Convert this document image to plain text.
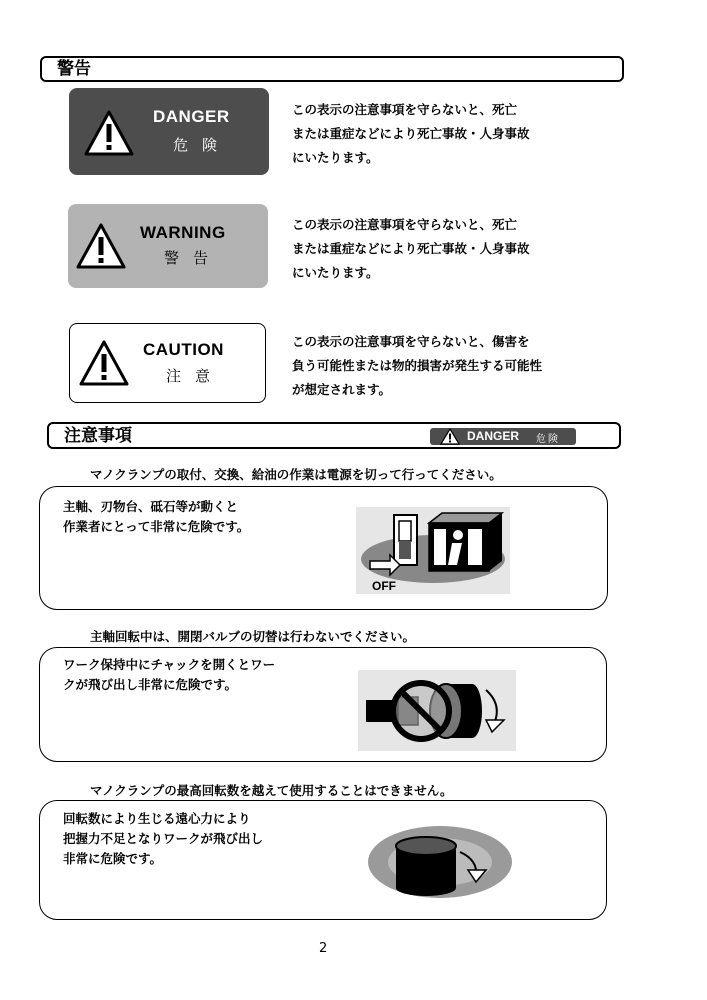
警告
DANGER
危険
この表示の注意事項を守らないと、死亡
または重症などにより死亡事故・人身事故
にいたります。
WARNING
警告
この表示の注意事項を守らないと、死亡
または重症などにより死亡事故・人身事故
にいたります。
CAUTION
注意
この表示の注意事項を守らないと、傷害を
負う可能性または物的損害が発生する可能性
が想定されます。
注意事項	DANGER 危険
マノクランプの取付、交換、給油の作業は電源を切って行ってください。
主軸、刃物台、砥石等が動くと
作業者にとって非常に危険です。
OFF
主軸回転中は、開閉バルブの切替は行わないでください。
ワーク保持中にチャックを開くとワー
クが飛び出し非常に危険です。
マノクランプの最高回転数を越えて使用することはできません。
回転数により生じる遠心力により
把握力不足となりワークが飛び出し
非常に危険です。
2
